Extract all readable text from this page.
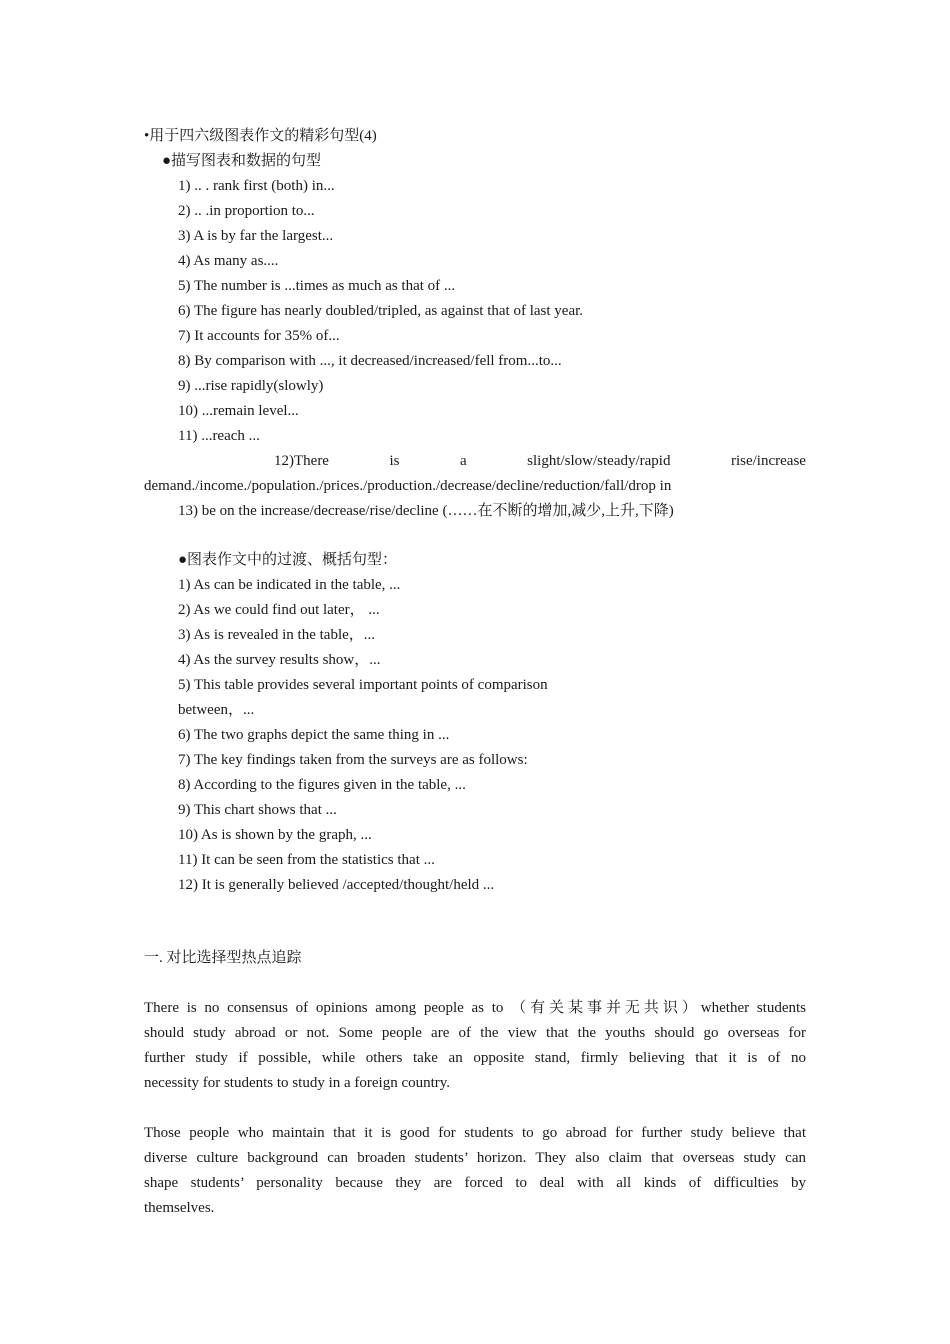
•用于四六级图表作文的精彩句型(4)
●描写图表和数据的句型
1) .. . rank first (both) in...
2) .. .in proportion to...
3) A is by far the largest...
4) As many as....
5) The number is ...times as much as that of ...
6) The figure has nearly doubled/tripled, as against that of last year.
7) It accounts for 35% of...
8) By comparison with ..., it decreased/increased/fell from...to...
9) ...rise rapidly(slowly)
10) ...remain level...
11) ...reach ...
12)There	is	a	slight/slow/steady/rapid	rise/increase
demand./income./population./prices./production./decrease/decline/reduction/fall/drop in
13) be on the increase/decrease/rise/decline (……在不断的增加,减少,上升,下降)
●图表作文中的过渡、概括句型：
1) As can be indicated in the table, ...
2) As we could find out later， ...
3) As is revealed in the table，...
4) As the survey results show，...
5) This table provides several important points of comparison
between，...
6) The two graphs depict the same thing in ...
7) The key findings taken from the surveys are as follows:
8) According to the figures given in the table, ...
9) This chart shows that ...
10) As is shown by the graph, ...
11) It can be seen from the statistics that ...
12) It is generally believed /accepted/thought/held ...
一. 对比选择型热点追踪
There is no consensus of opinions among people as to （有关某事并无共识）whether students
should study abroad or not. Some people are of the view that the youths should go overseas for
further study if possible, while others take an opposite stand, firmly believing that it is of no
necessity for students to study in a foreign country.
Those people who maintain that it is good for students to go abroad for further study believe that
diverse culture background can broaden students’ horizon. They also claim that overseas study can
shape students’ personality because they are forced to deal with all kinds of difficulties by
themselves.
